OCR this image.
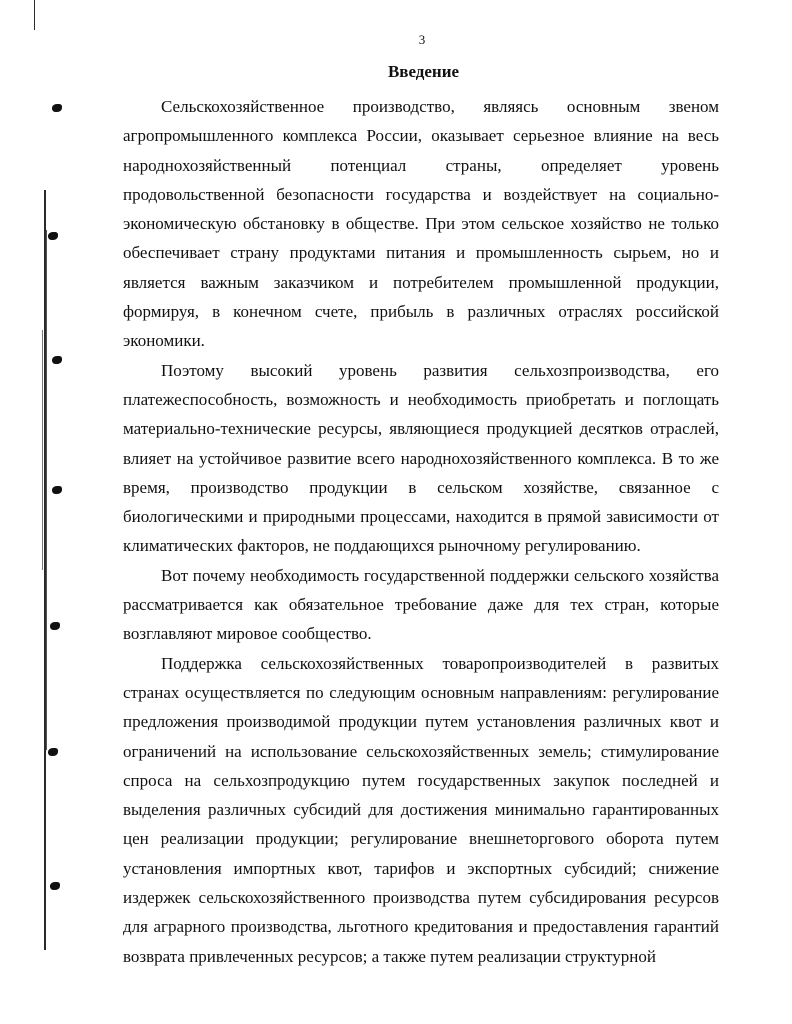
3
Введение

Сельскохозяйственное производство, являясь основным звеном агропромышленного комплекса России, оказывает серьезное влияние на весь народнохозяйственный потенциал страны, определяет уровень продовольственной безопасности государства и воздействует на социально-экономическую обстановку в обществе. При этом сельское хозяйство не только обеспечивает страну продуктами питания и промышленность сырьем, но и является важным заказчиком и потребителем промышленной продукции, формируя, в конечном счете, прибыль в различных отраслях российской экономики.

Поэтому высокий уровень развития сельхозпроизводства, его платежеспособность, возможность и необходимость приобретать и поглощать материально-технические ресурсы, являющиеся продукцией десятков отраслей, влияет на устойчивое развитие всего народнохозяйственного комплекса. В то же время, производство продукции в сельском хозяйстве, связанное с биологическими и природными процессами, находится в прямой зависимости от климатических факторов, не поддающихся рыночному регулированию.

Вот почему необходимость государственной поддержки сельского хозяйства рассматривается как обязательное требование даже для тех стран, которые возглавляют мировое сообщество.

Поддержка сельскохозяйственных товаропроизводителей в развитых странах осуществляется по следующим основным направлениям: регулирование предложения производимой продукции путем установления различных квот и ограничений на использование сельскохозяйственных земель; стимулирование спроса на сельхозпродукцию путем государственных закупок последней и выделения различных субсидий для достижения минимально гарантированных цен реализации продукции; регулирование внешнеторгового оборота путем установления импортных квот, тарифов и экспортных субсидий; снижение издержек сельскохозяйственного производства путем субсидирования ресурсов для аграрного производства, льготного кредитования и предоставления гарантий возврата привлеченных ресурсов; а также путем реализации структурной
